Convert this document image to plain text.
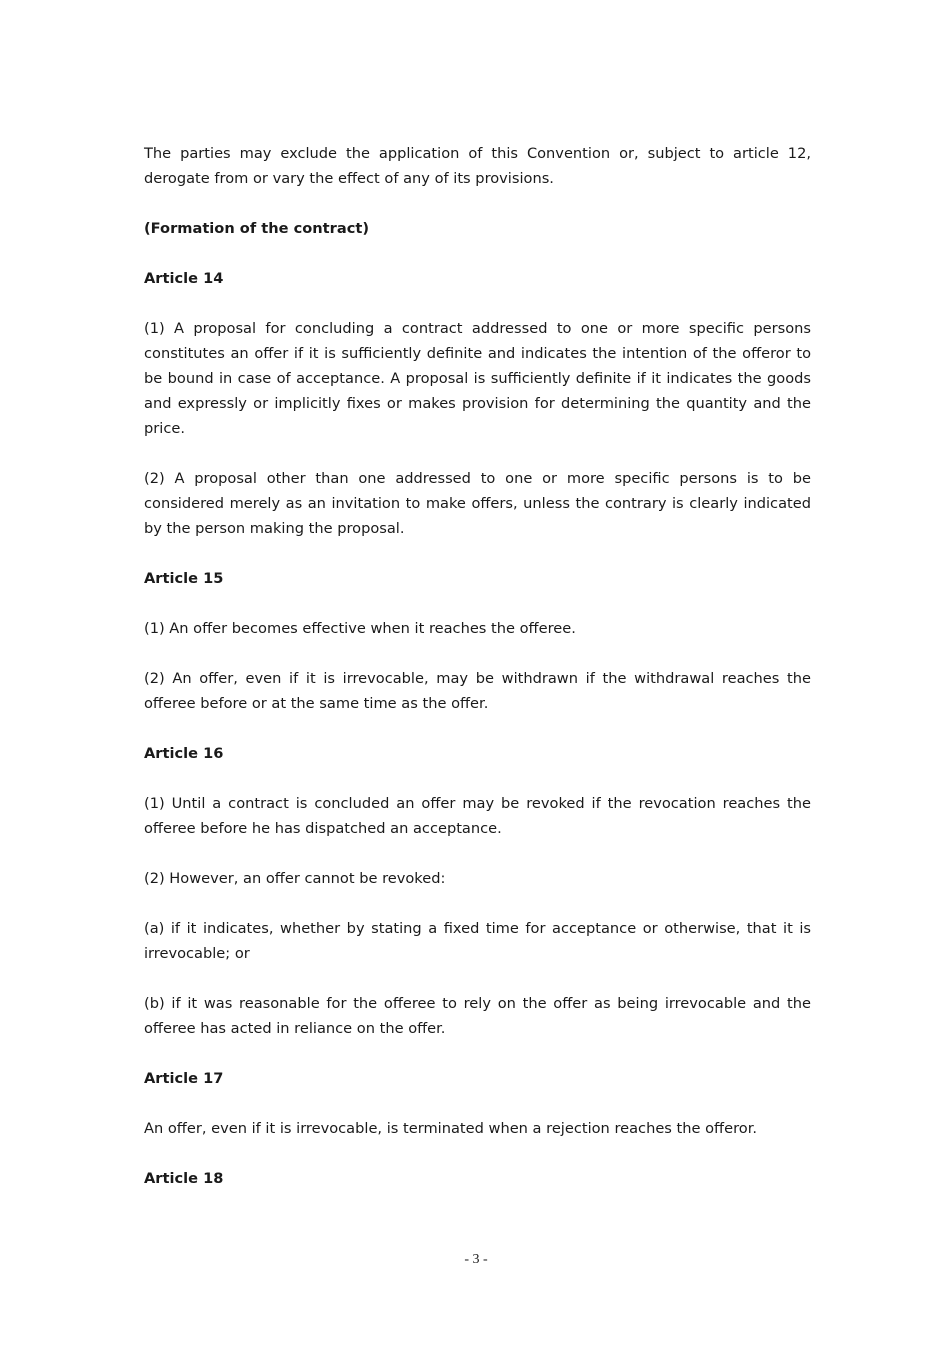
The parties may exclude the application of this Convention or, subject to article 12, derogate from or vary the effect of any of its provisions.

(Formation of the contract)

Article 14

(1) A proposal for concluding a contract addressed to one or more specific persons constitutes an offer if it is sufficiently definite and indicates the intention of the offeror to be bound in case of acceptance. A proposal is sufficiently definite if it indicates the goods and expressly or implicitly fixes or makes provision for determining the quantity and the price.

(2) A proposal other than one addressed to one or more specific persons is to be considered merely as an invitation to make offers, unless the contrary is clearly indicated by the person making the proposal.

Article 15

(1) An offer becomes effective when it reaches the offeree.

(2) An offer, even if it is irrevocable, may be withdrawn if the withdrawal reaches the offeree before or at the same time as the offer.

Article 16

(1) Until a contract is concluded an offer may be revoked if the revocation reaches the offeree before he has dispatched an acceptance.

(2) However, an offer cannot be revoked:

(a) if it indicates, whether by stating a fixed time for acceptance or otherwise, that it is irrevocable; or

(b) if it was reasonable for the offeree to rely on the offer as being irrevocable and the offeree has acted in reliance on the offer.

Article 17

An offer, even if it is irrevocable, is terminated when a rejection reaches the offeror.

Article 18

- 3 -
